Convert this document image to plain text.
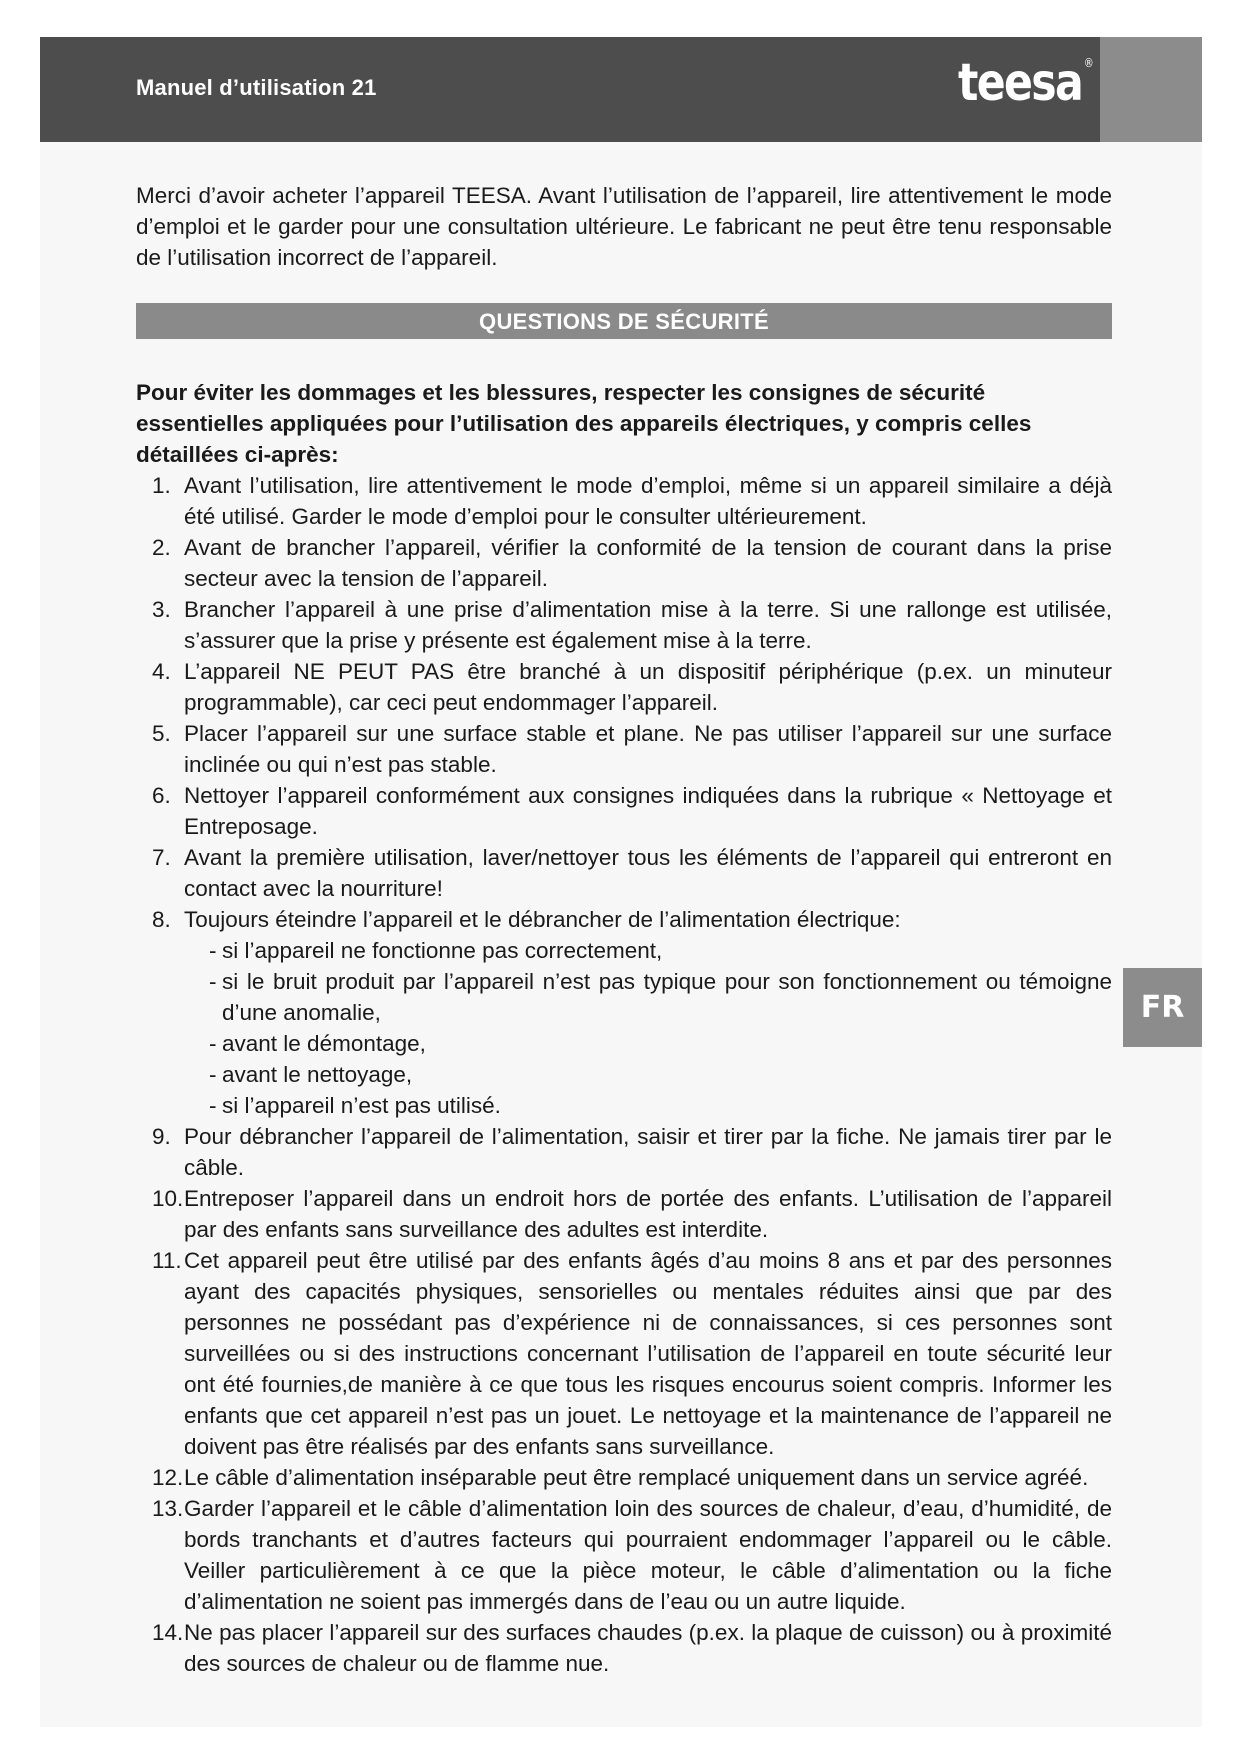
Manuel d’utilisation 21	teesa ®

Merci d’avoir acheter l’appareil TEESA. Avant l’utilisation de l’appareil, lire attentivement le mode d’emploi et le garder pour une consultation ultérieure. Le fabricant ne peut être tenu responsable de l’utilisation incorrect de l’appareil.

QUESTIONS DE SÉCURITÉ

Pour éviter les dommages et les blessures, respecter les consignes de sécurité essentielles appliquées pour l’utilisation des appareils électriques, y compris celles détaillées ci-après:

1. Avant l’utilisation, lire attentivement le mode d’emploi, même si un appareil similaire a déjà été utilisé. Garder le mode d’emploi pour le consulter ultérieurement.
2. Avant de brancher l’appareil, vérifier la conformité de la tension de courant dans la prise secteur avec la tension de l’appareil.
3. Brancher l’appareil à une prise d’alimentation mise à la terre. Si une rallonge est utilisée, s’assurer que la prise y présente est également mise à la terre.
4. L’appareil NE PEUT PAS être branché à un dispositif périphérique (p.ex. un minuteur programmable), car ceci peut endommager l’appareil.
5. Placer l’appareil sur une surface stable et plane. Ne pas utiliser l’appareil sur une surface inclinée ou qui n’est pas stable.
6. Nettoyer l’appareil conformément aux consignes indiquées dans la rubrique « Nettoyage et Entreposage.
7. Avant la première utilisation, laver/nettoyer tous les éléments de l’appareil qui entreront en contact avec la nourriture!
8. Toujours éteindre l’appareil et le débrancher de l’alimentation électrique:
- si l’appareil ne fonctionne pas correctement,
- si le bruit produit par l’appareil n’est pas typique pour son fonctionnement ou témoigne d’une anomalie,
- avant le démontage,
- avant le nettoyage,
- si l’appareil n’est pas utilisé.
9. Pour débrancher l’appareil de l’alimentation, saisir et tirer par la fiche. Ne jamais tirer par le câble.
10. Entreposer l’appareil dans un endroit hors de portée des enfants. L’utilisation de l’appareil par des enfants sans surveillance des adultes est interdite.
11. Cet appareil peut être utilisé par des enfants âgés d’au moins 8 ans et par des personnes ayant des capacités physiques, sensorielles ou mentales réduites ainsi que par des personnes ne possédant pas d’expérience ni de connaissances, si ces personnes sont surveillées ou si des instructions concernant l’utilisation de l’appareil en toute sécurité leur ont été fournies,de manière à ce que tous les risques encourus soient compris. Informer les enfants que cet appareil n’est pas un jouet. Le nettoyage et la maintenance de l’appareil ne doivent pas être réalisés par des enfants sans surveillance.
12. Le câble d’alimentation inséparable peut être remplacé uniquement dans un service agréé.
13. Garder l’appareil et le câble d’alimentation loin des sources de chaleur, d’eau, d’humidité, de bords tranchants et d’autres facteurs qui pourraient endommager l’appareil ou le câble. Veiller particulièrement à ce que la pièce moteur, le câble d’alimentation ou la fiche d’alimentation ne soient pas immergés dans de l’eau ou un autre liquide.
14. Ne pas placer l’appareil sur des surfaces chaudes (p.ex. la plaque de cuisson) ou à proximité des sources de chaleur ou de flamme nue.
FR
